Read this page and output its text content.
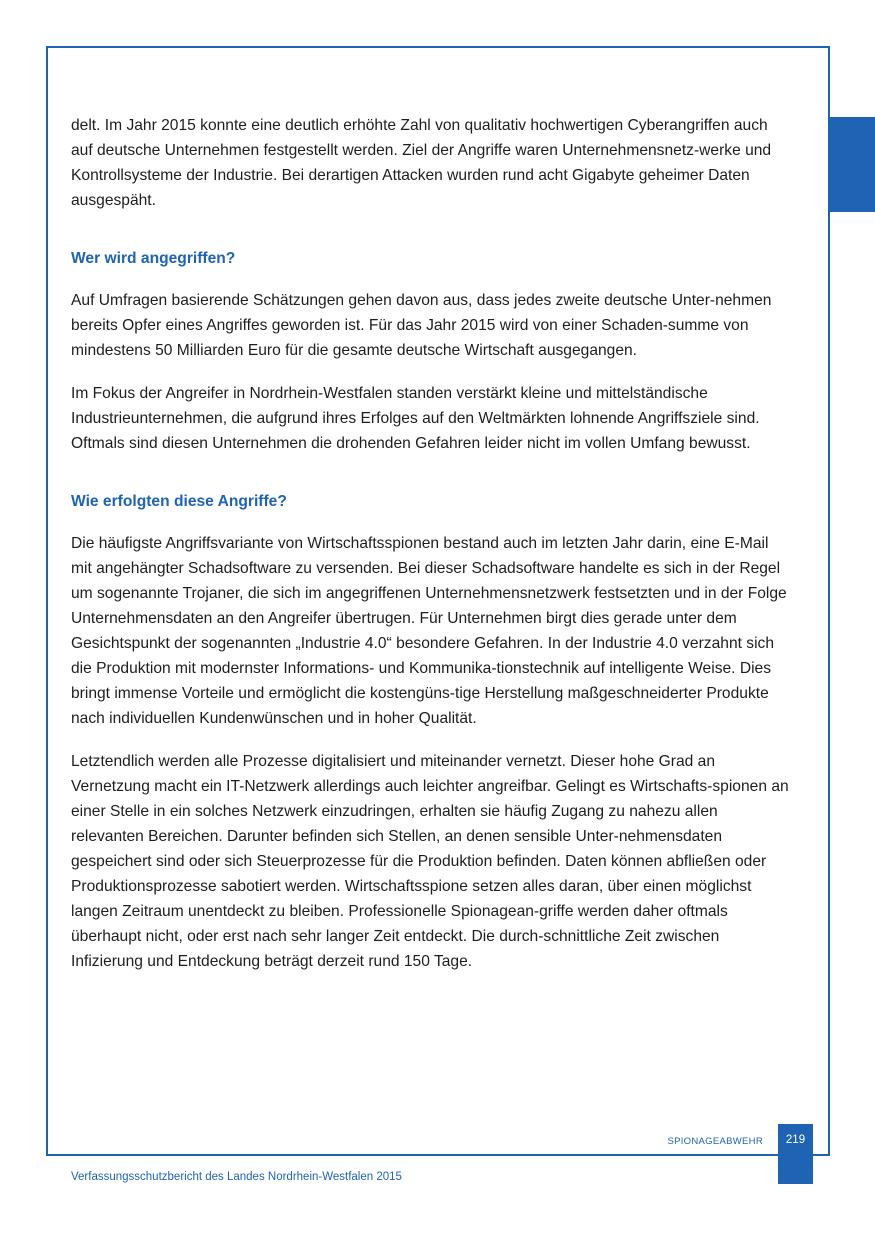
delt. Im Jahr 2015 konnte eine deutlich erhöhte Zahl von qualitativ hochwertigen Cyberangriffen auch auf deutsche Unternehmen festgestellt werden. Ziel der Angriffe waren Unternehmensnetz-werke und Kontrollsysteme der Industrie. Bei derartigen Attacken wurden rund acht Gigabyte geheimer Daten ausgespäht.

Wer wird angegriffen?

Auf Umfragen basierende Schätzungen gehen davon aus, dass jedes zweite deutsche Unter-nehmen bereits Opfer eines Angriffes geworden ist. Für das Jahr 2015 wird von einer Schaden-summe von mindestens 50 Milliarden Euro für die gesamte deutsche Wirtschaft ausgegangen.

Im Fokus der Angreifer in Nordrhein-Westfalen standen verstärkt kleine und mittelständische Industrieunternehmen, die aufgrund ihres Erfolges auf den Weltmärkten lohnende Angriffsziele sind. Oftmals sind diesen Unternehmen die drohenden Gefahren leider nicht im vollen Umfang bewusst.

Wie erfolgten diese Angriffe?

Die häufigste Angriffsvariante von Wirtschaftsspionen bestand auch im letzten Jahr darin, eine E-Mail mit angehängter Schadsoftware zu versenden. Bei dieser Schadsoftware handelte es sich in der Regel um sogenannte Trojaner, die sich im angegriffenen Unternehmensnetzwerk festsetzten und in der Folge Unternehmensdaten an den Angreifer übertrugen. Für Unternehmen birgt dies gerade unter dem Gesichtspunkt der sogenannten „Industrie 4.0“ besondere Gefahren. In der Industrie 4.0 verzahnt sich die Produktion mit modernster Informations- und Kommunika-tionstechnik auf intelligente Weise. Dies bringt immense Vorteile und ermöglicht die kostengüns-tige Herstellung maßgeschneiderter Produkte nach individuellen Kundenwünschen und in hoher Qualität.

Letztendlich werden alle Prozesse digitalisiert und miteinander vernetzt. Dieser hohe Grad an Vernetzung macht ein IT-Netzwerk allerdings auch leichter angreifbar. Gelingt es Wirtschafts-spionen an einer Stelle in ein solches Netzwerk einzudringen, erhalten sie häufig Zugang zu nahezu allen relevanten Bereichen. Darunter befinden sich Stellen, an denen sensible Unter-nehmensdaten gespeichert sind oder sich Steuerprozesse für die Produktion befinden. Daten können abfließen oder Produktionsprozesse sabotiert werden. Wirtschaftsspione setzen alles daran, über einen möglichst langen Zeitraum unentdeckt zu bleiben. Professionelle Spionagean-griffe werden daher oftmals überhaupt nicht, oder erst nach sehr langer Zeit entdeckt. Die durch-schnittliche Zeit zwischen Infizierung und Entdeckung beträgt derzeit rund 150 Tage.

SPIONAGEABWEHR	219
Verfassungsschutzbericht des Landes Nordrhein-Westfalen 2015
